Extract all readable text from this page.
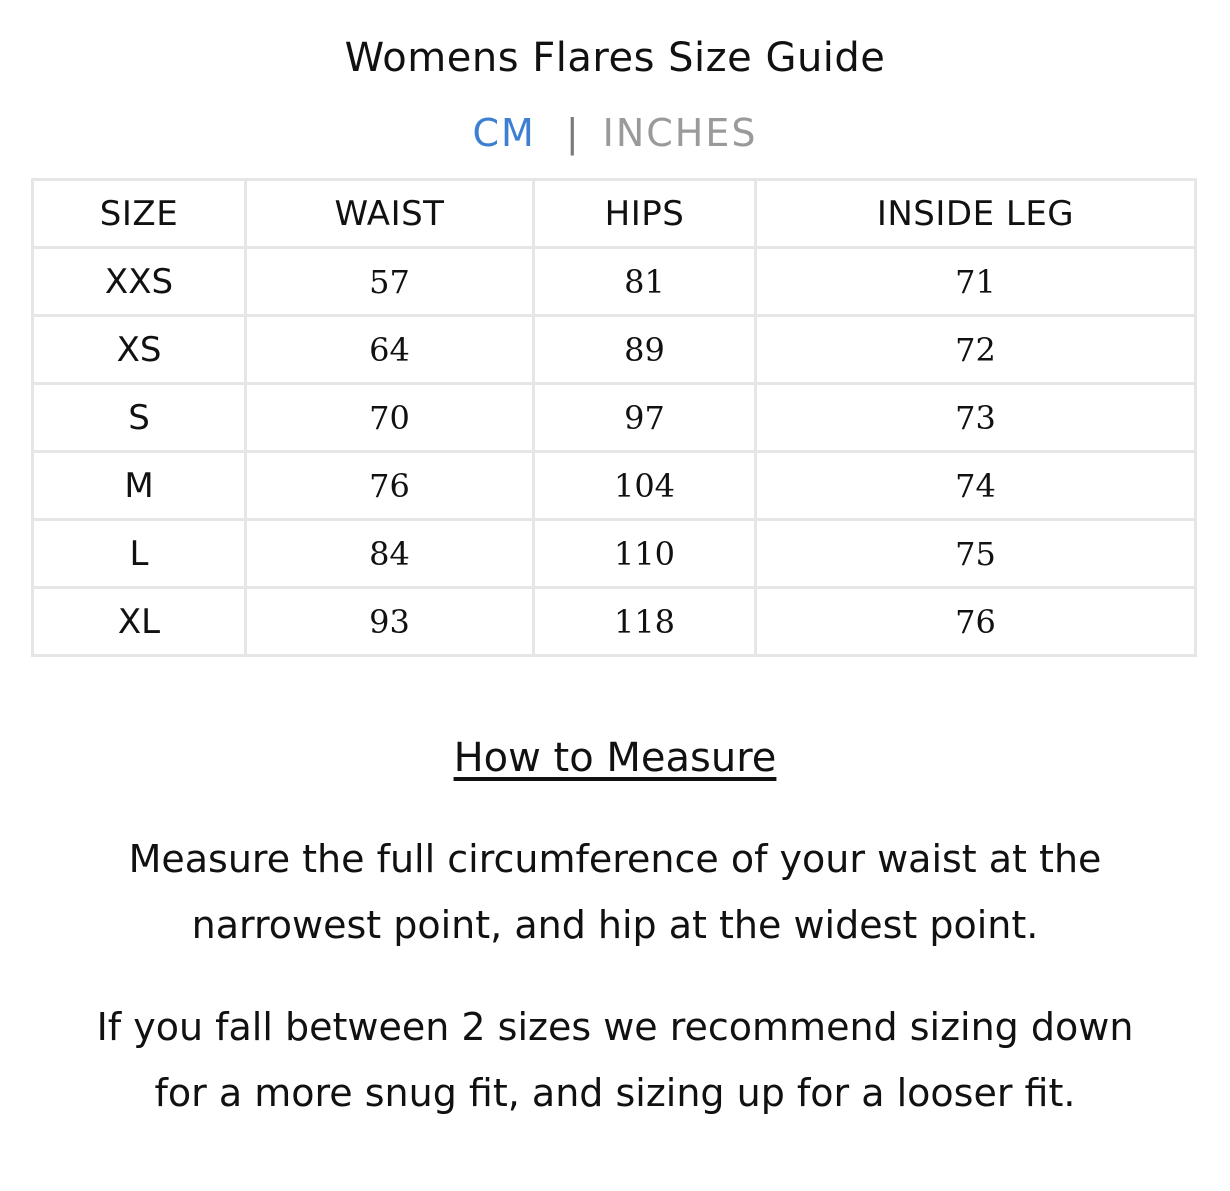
Womens Flares Size Guide
CM | INCHES
SIZE	WAIST	HIPS	INSIDE LEG
XXS	57	81	71
XS	64	89	72
S	70	97	73
M	76	104	74
L	84	110	75
XL	93	118	76
How to Measure
Measure the full circumference of your waist at the
narrowest point, and hip at the widest point.
If you fall between 2 sizes we recommend sizing down
for a more snug fit, and sizing up for a looser fit.
